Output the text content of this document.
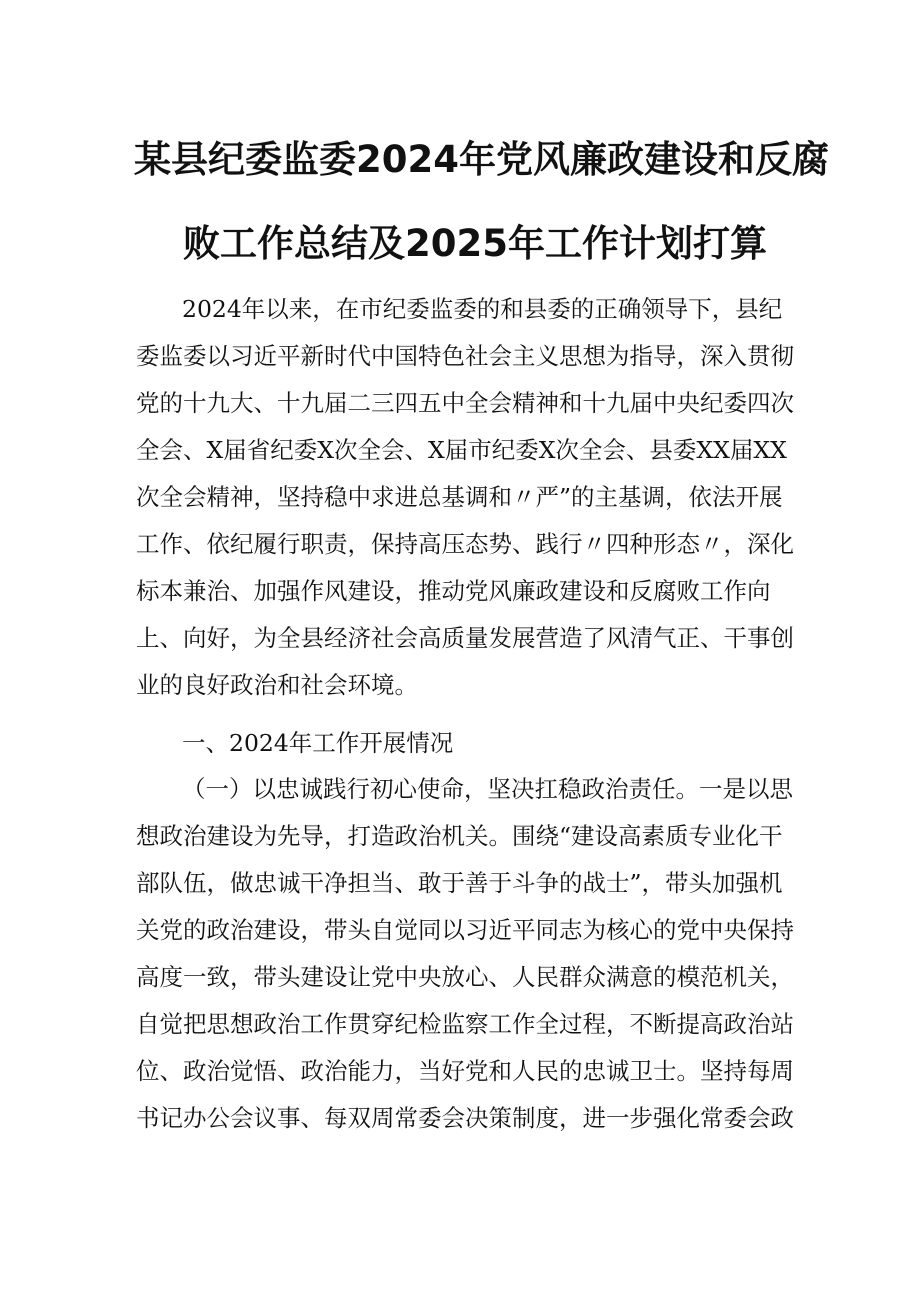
某县纪委监委2024年党风廉政建设和反腐
败工作总结及2025年工作计划打算
2024年以来，在市纪委监委的和县委的正确领导下，县纪
委监委以习近平新时代中国特色社会主义思想为指导，深入贯彻
党的十九大、十九届二三四五中全会精神和十九届中央纪委四次
全会、X届省纪委X次全会、X届市纪委X次全会、县委XX届XX
次全会精神，坚持稳中求进总基调和〃严”的主基调，依法开展
工作、依纪履行职责，保持高压态势、践行〃四种形态〃，深化
标本兼治、加强作风建设，推动党风廉政建设和反腐败工作向
上、向好，为全县经济社会高质量发展营造了风清气正、干事创
业的良好政治和社会环境。
一、2024年工作开展情况
（一）以忠诚践行初心使命，坚决扛稳政治责任。一是以思
想政治建设为先导，打造政治机关。围绕“建设高素质专业化干
部队伍，做忠诚干净担当、敢于善于斗争的战士”，带头加强机
关党的政治建设，带头自觉同以习近平同志为核心的党中央保持
高度一致，带头建设让党中央放心、人民群众满意的模范机关，
自觉把思想政治工作贯穿纪检监察工作全过程，不断提高政治站
位、政治觉悟、政治能力，当好党和人民的忠诚卫士。坚持每周
书记办公会议事、每双周常委会决策制度，进一步强化常委会政
